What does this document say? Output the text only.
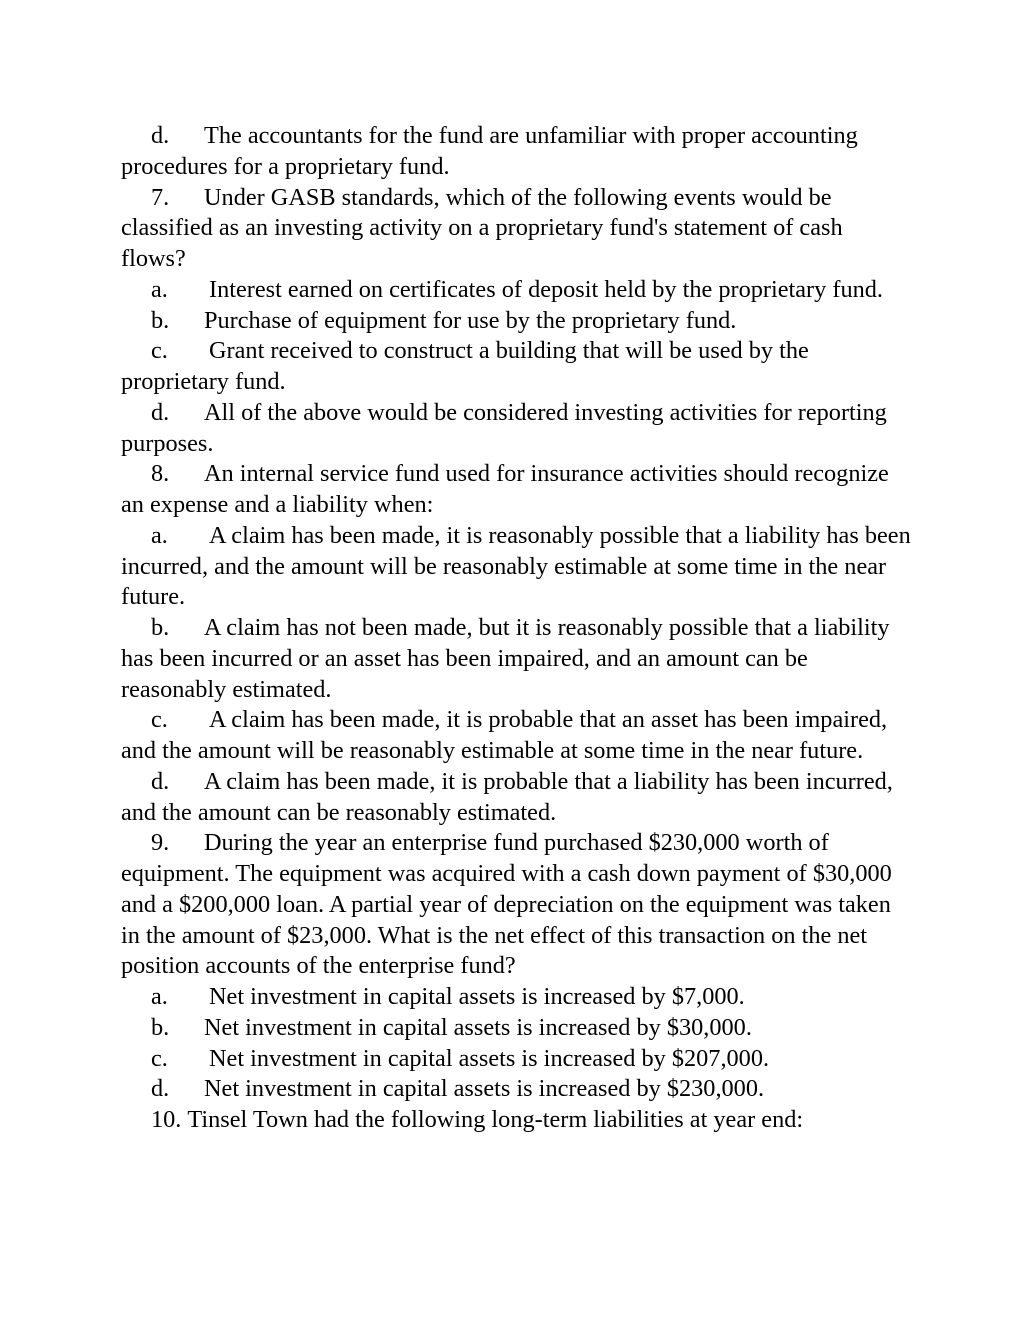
d. The accountants for the fund are unfamiliar with proper accounting procedures for a proprietary fund.

7. Under GASB standards, which of the following events would be classified as an investing activity on a proprietary fund's statement of cash flows?

a. Interest earned on certificates of deposit held by the proprietary fund.

b. Purchase of equipment for use by the proprietary fund.

c. Grant received to construct a building that will be used by the proprietary fund.

d. All of the above would be considered investing activities for reporting purposes.

8. An internal service fund used for insurance activities should recognize an expense and a liability when:

a. A claim has been made, it is reasonably possible that a liability has been incurred, and the amount will be reasonably estimable at some time in the near future.

b. A claim has not been made, but it is reasonably possible that a liability has been incurred or an asset has been impaired, and an amount can be reasonably estimated.

c. A claim has been made, it is probable that an asset has been impaired, and the amount will be reasonably estimable at some time in the near future.

d. A claim has been made, it is probable that a liability has been incurred, and the amount can be reasonably estimated.

9. During the year an enterprise fund purchased $230,000 worth of equipment. The equipment was acquired with a cash down payment of $30,000 and a $200,000 loan. A partial year of depreciation on the equipment was taken in the amount of $23,000. What is the net effect of this transaction on the net position accounts of the enterprise fund?

a. Net investment in capital assets is increased by $7,000.

b. Net investment in capital assets is increased by $30,000.

c. Net investment in capital assets is increased by $207,000.

d. Net investment in capital assets is increased by $230,000.

10. Tinsel Town had the following long-term liabilities at year end:
